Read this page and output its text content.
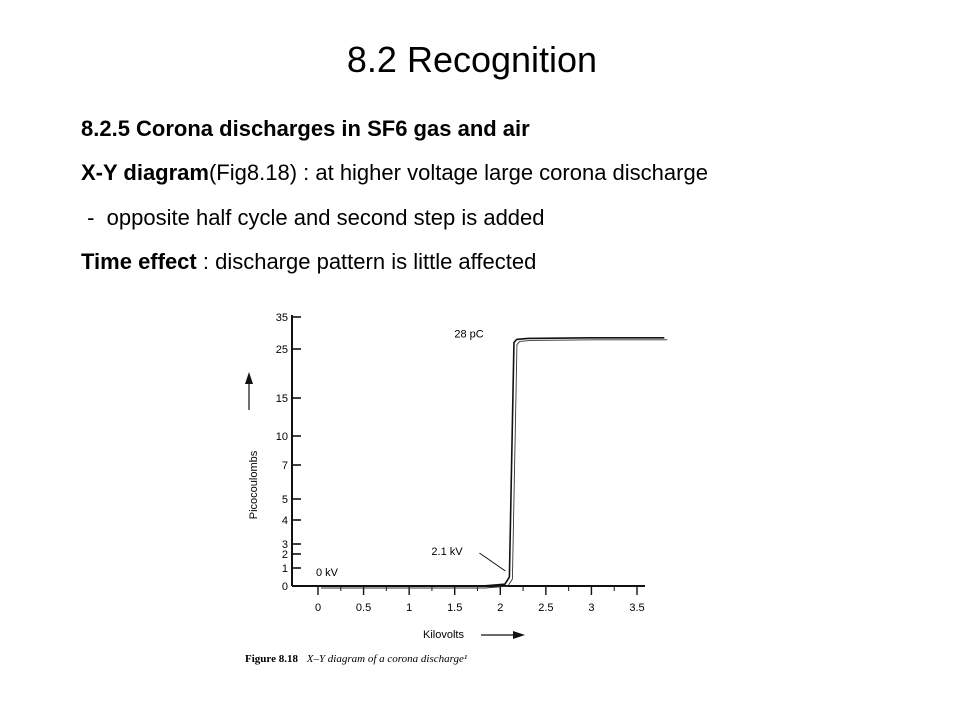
8.2 Recognition
8.2.5 Corona discharges in SF6 gas and air
X-Y diagram(Fig8.18) : at higher voltage large corona discharge
-  opposite half cycle and second step is added
Time effect : discharge pattern is little affected
0
1
2
3
4
5
7
10
15
25
35
0	0.5	1	1.5	2	2.5	3	3.5
28 pC
2.1 kV
0 kV
Picocoulombs
Kilovolts
Figure 8.18 X–Y diagram of a corona discharge¹
